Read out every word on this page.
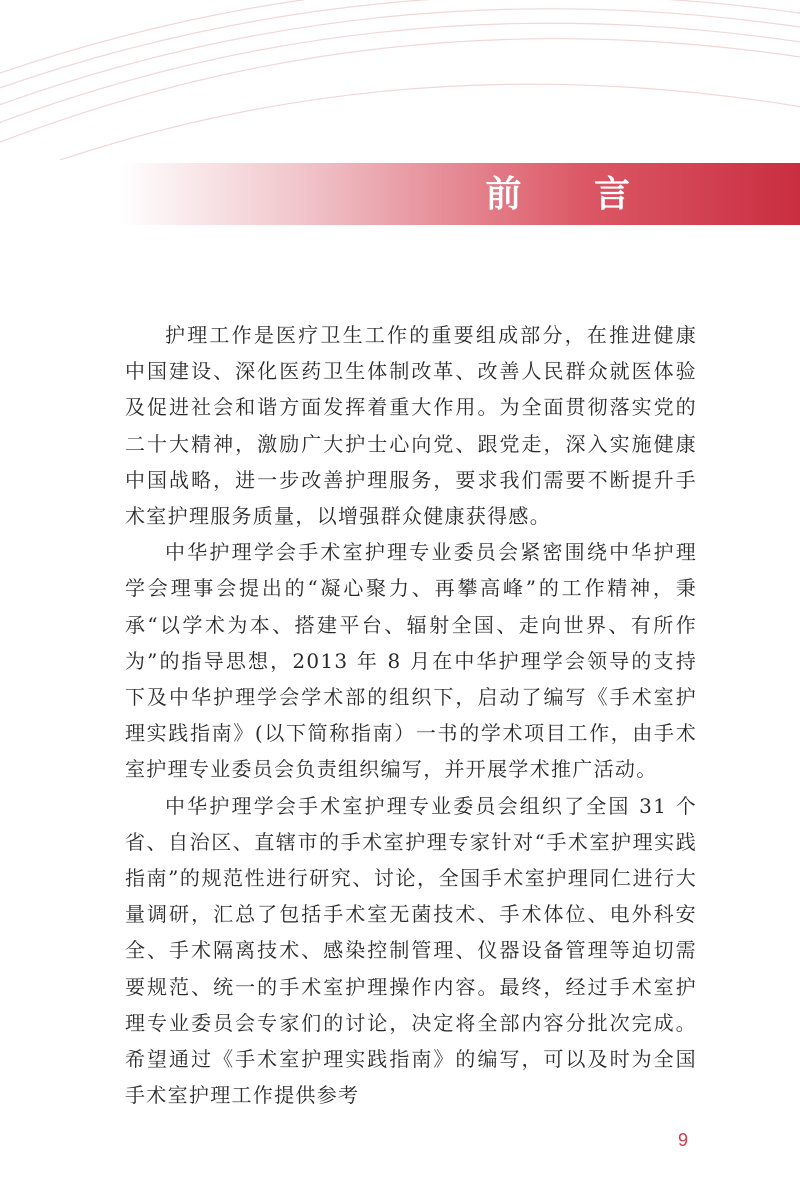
前 言

护理工作是医疗卫生工作的重要组成部分，在推进健康中国建设、深化医药卫生体制改革、改善人民群众就医体验及促进社会和谐方面发挥着重大作用。为全面贯彻落实党的二十大精神，激励广大护士心向党、跟党走，深入实施健康中国战略，进一步改善护理服务，要求我们需要不断提升手术室护理服务质量，以增强群众健康获得感。

中华护理学会手术室护理专业委员会紧密围绕中华护理学会理事会提出的“凝心聚力、再攀高峰”的工作精神，秉承“以学术为本、搭建平台、辐射全国、走向世界、有所作为”的指导思想，2013 年 8 月在中华护理学会领导的支持下及中华护理学会学术部的组织下，启动了编写《手术室护理实践指南》(以下简称指南）一书的学术项目工作，由手术室护理专业委员会负责组织编写，并开展学术推广活动。

中华护理学会手术室护理专业委员会组织了全国 31 个省、自治区、直辖市的手术室护理专家针对“手术室护理实践指南”的规范性进行研究、讨论，全国手术室护理同仁进行大量调研，汇总了包括手术室无菌技术、手术体位、电外科安全、手术隔离技术、感染控制管理、仪器设备管理等迫切需要规范、统一的手术室护理操作内容。最终，经过手术室护理专业委员会专家们的讨论，决定将全部内容分批次完成。希望通过《手术室护理实践指南》的编写，可以及时为全国手术室护理工作提供参考

9
